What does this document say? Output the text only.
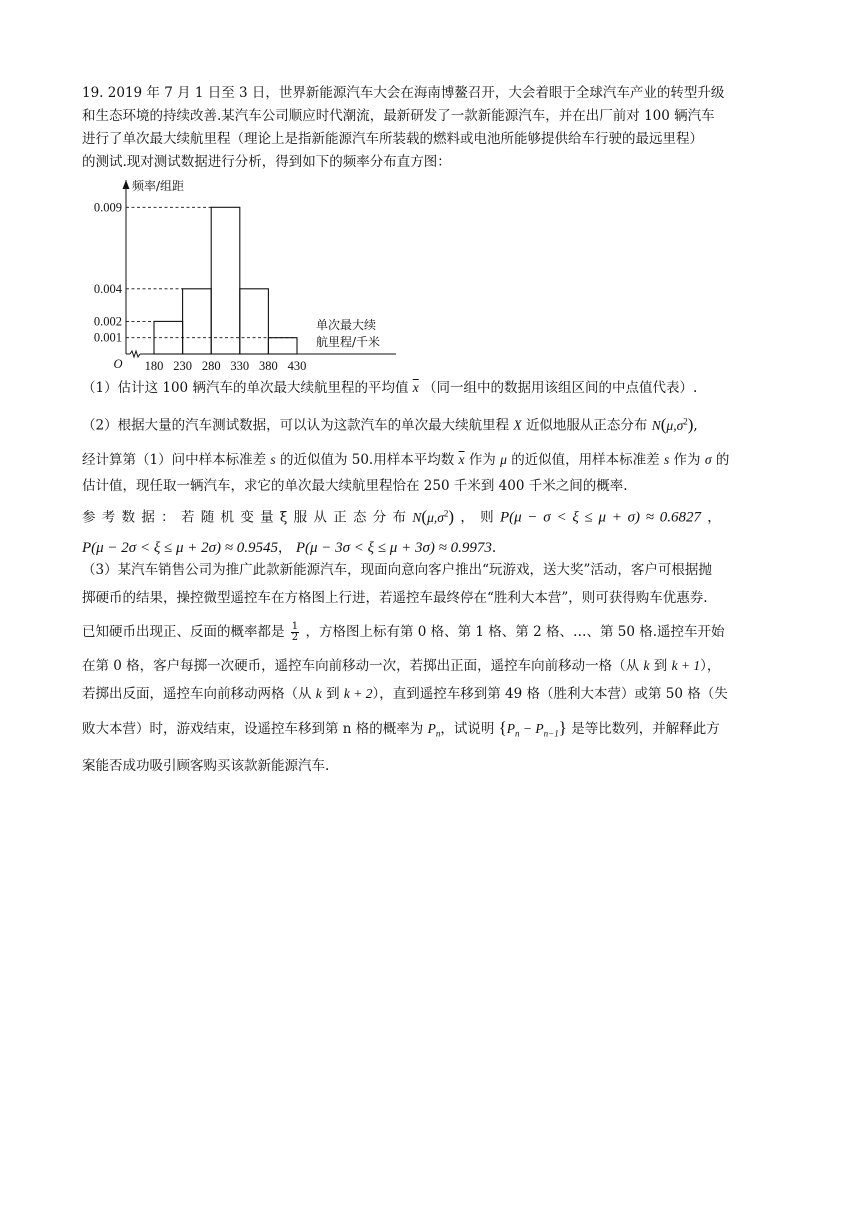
19. 2019 年 7 月 1 日至 3 日，世界新能源汽车大会在海南博鳌召开，大会着眼于全球汽车产业的转型升级
和生态环境的持续改善.某汽车公司顺应时代潮流，最新研发了一款新能源汽车，并在出厂前对 100 辆汽车
进行了单次最大续航里程（理论上是指新能源汽车所装载的燃料或电池所能够提供给车行驶的最远里程）
的测试.现对测试数据进行分析，得到如下的频率分布直方图：

0.009
0.004
0.002
0.001
180 230 280 330 380 430
O
频率/组距
单次最大续
航里程/千米

（1）估计这 100 辆汽车的单次最大续航里程的平均值 $\overline{x}$ （同一组中的数据用该组区间的中点值代表）.

（2）根据大量的汽车测试数据，可以认为这款汽车的单次最大续航里程 X 近似地服从正态分布 $N(\mu,\sigma^2)$,
经计算第（1）问中样本标准差 s 的近似值为 50.用样本平均数 $\overline{x}$ 作为 μ 的近似值，用样本标准差 s 作为 σ 的
估计值，现任取一辆汽车，求它的单次最大续航里程恰在 250 千米到 400 千米之间的概率.

参 考 数 据 ： 若 随 机 变 量 ξ 服 从 正 态 分 布 $N(\mu,\sigma^2)$ ， 则 P(μ − σ < ξ ≤ μ + σ) ≈ 0.6827 ，
P(μ − 2σ < ξ ≤ μ + 2σ) ≈ 0.9545， P(μ − 3σ < ξ ≤ μ + 3σ) ≈ 0.9973.

（3）某汽车销售公司为推广此款新能源汽车，现面向意向客户推出“玩游戏，送大奖”活动，客户可根据抛
掷硬币的结果，操控微型遥控车在方格图上行进，若遥控车最终停在“胜利大本营”，则可获得购车优惠券.
已知硬币出现正、反面的概率都是 $\frac{1}{2}$ ，方格图上标有第 0 格、第 1 格、第 2 格、…、第 50 格.遥控车开始
在第 0 格，客户每掷一次硬币，遥控车向前移动一次，若掷出正面，遥控车向前移动一格（从 k 到 k + 1），
若掷出反面，遥控车向前移动两格（从 k 到 k + 2），直到遥控车移到第 49 格（胜利大本营）或第 50 格（失
败大本营）时，游戏结束，设遥控车移到第 n 格的概率为 $P_n$，试说明 $\{P_n - P_{n-1}\}$ 是等比数列，并解释此方
案能否成功吸引顾客购买该款新能源汽车.
